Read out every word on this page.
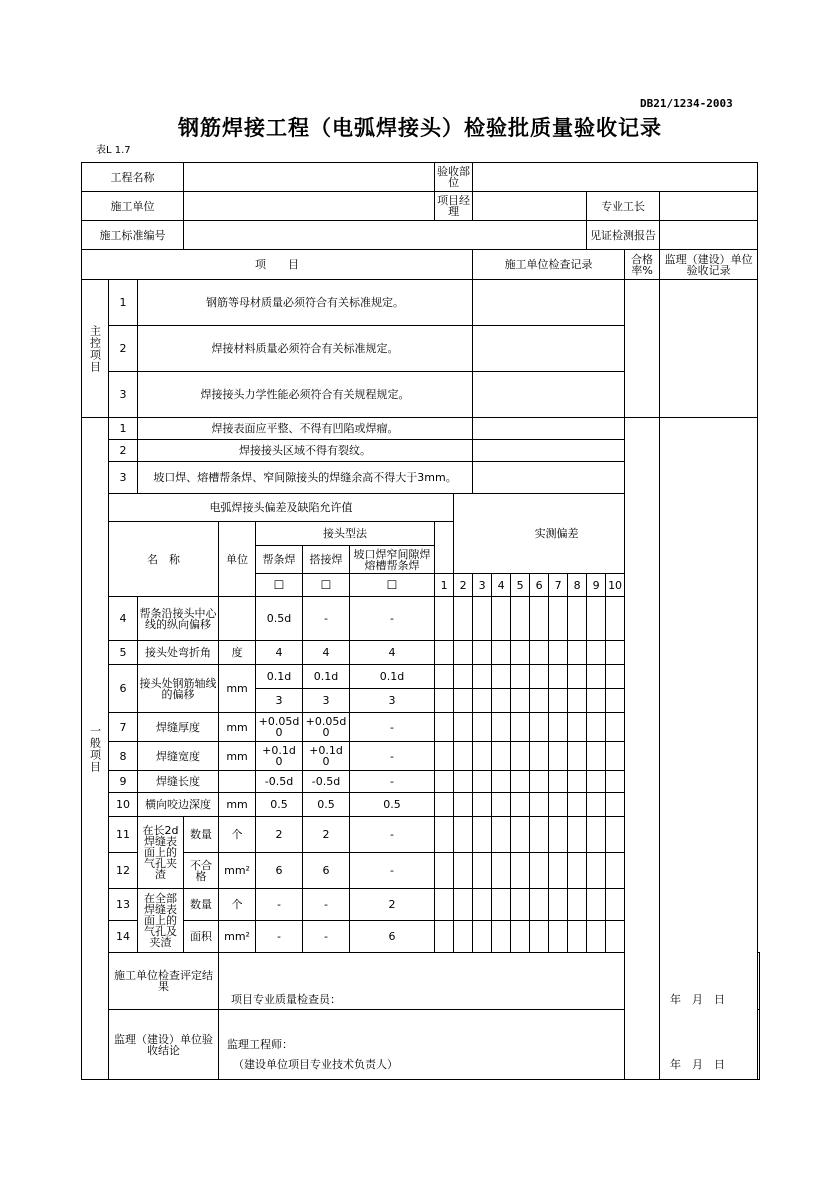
DB21/1234-2003
钢筋焊接工程（电弧焊接头）检验批质量验收记录
表L 1.7
工程名称								验收部位											
施工单位								项目经理								专业工长			
施工标准编号																见证检测报告			
项　　目										施工单位检查记录								合格率%	监理（建设）单位验收记录
主控项目	1	钢筋等母材质量必须符合有关标准规定。																	
	2	焊接材料质量必须符合有关标准规定。																	
	3	焊接接头力学性能必须符合有关规程规定。																	
一般项目	1	焊接表面应平整、不得有凹陷或焊瘤。																	
	2	焊接接头区域不得有裂纹。																	
	3	坡口焊、熔槽帮条焊、窄间隙接头的焊缝余高不得大于3mm。																	
	电弧焊接头偏差及缺陷允许值								实测偏差										
	名　称			单位	接头型法														
					帮条焊	搭接焊	坡口焊窄间隙焊熔槽帮条焊												
					☐	☐	☐	1	2	3	4	5	6	7	8	9	10		
	4	帮条沿接头中心线的纵向偏移			0.5d	-	-												
	5	接头处弯折角		度	4	4	4												
	6	接头处钢筋轴线的偏移		mm	0.1d	0.1d	0.1d												
					3	3	3												
	7	焊缝厚度		mm	+0.05d 0	+0.05d 0	-												
	8	焊缝宽度		mm	+0.1d 0	+0.1d 0	-												
	9	焊缝长度			-0.5d	-0.5d	-												
	10	横向咬边深度		mm	0.5	0.5	0.5												
	11	在长2d焊缝表面上的气孔夹渣	数量	个	2	2	-												
	12		不合格	mm²	6	6	-												
	13	在全部焊缝表面上的气孔及夹渣	数量	个	-	-	2												
	14		面积	mm²	-	-	6												
	施工单位检查评定结果			项目专业质量检查员： 年　月　日															

	监理（建设）单位验收结论			监理工程师：
（建设单位项目专业技术负责人） 年　月　日															
